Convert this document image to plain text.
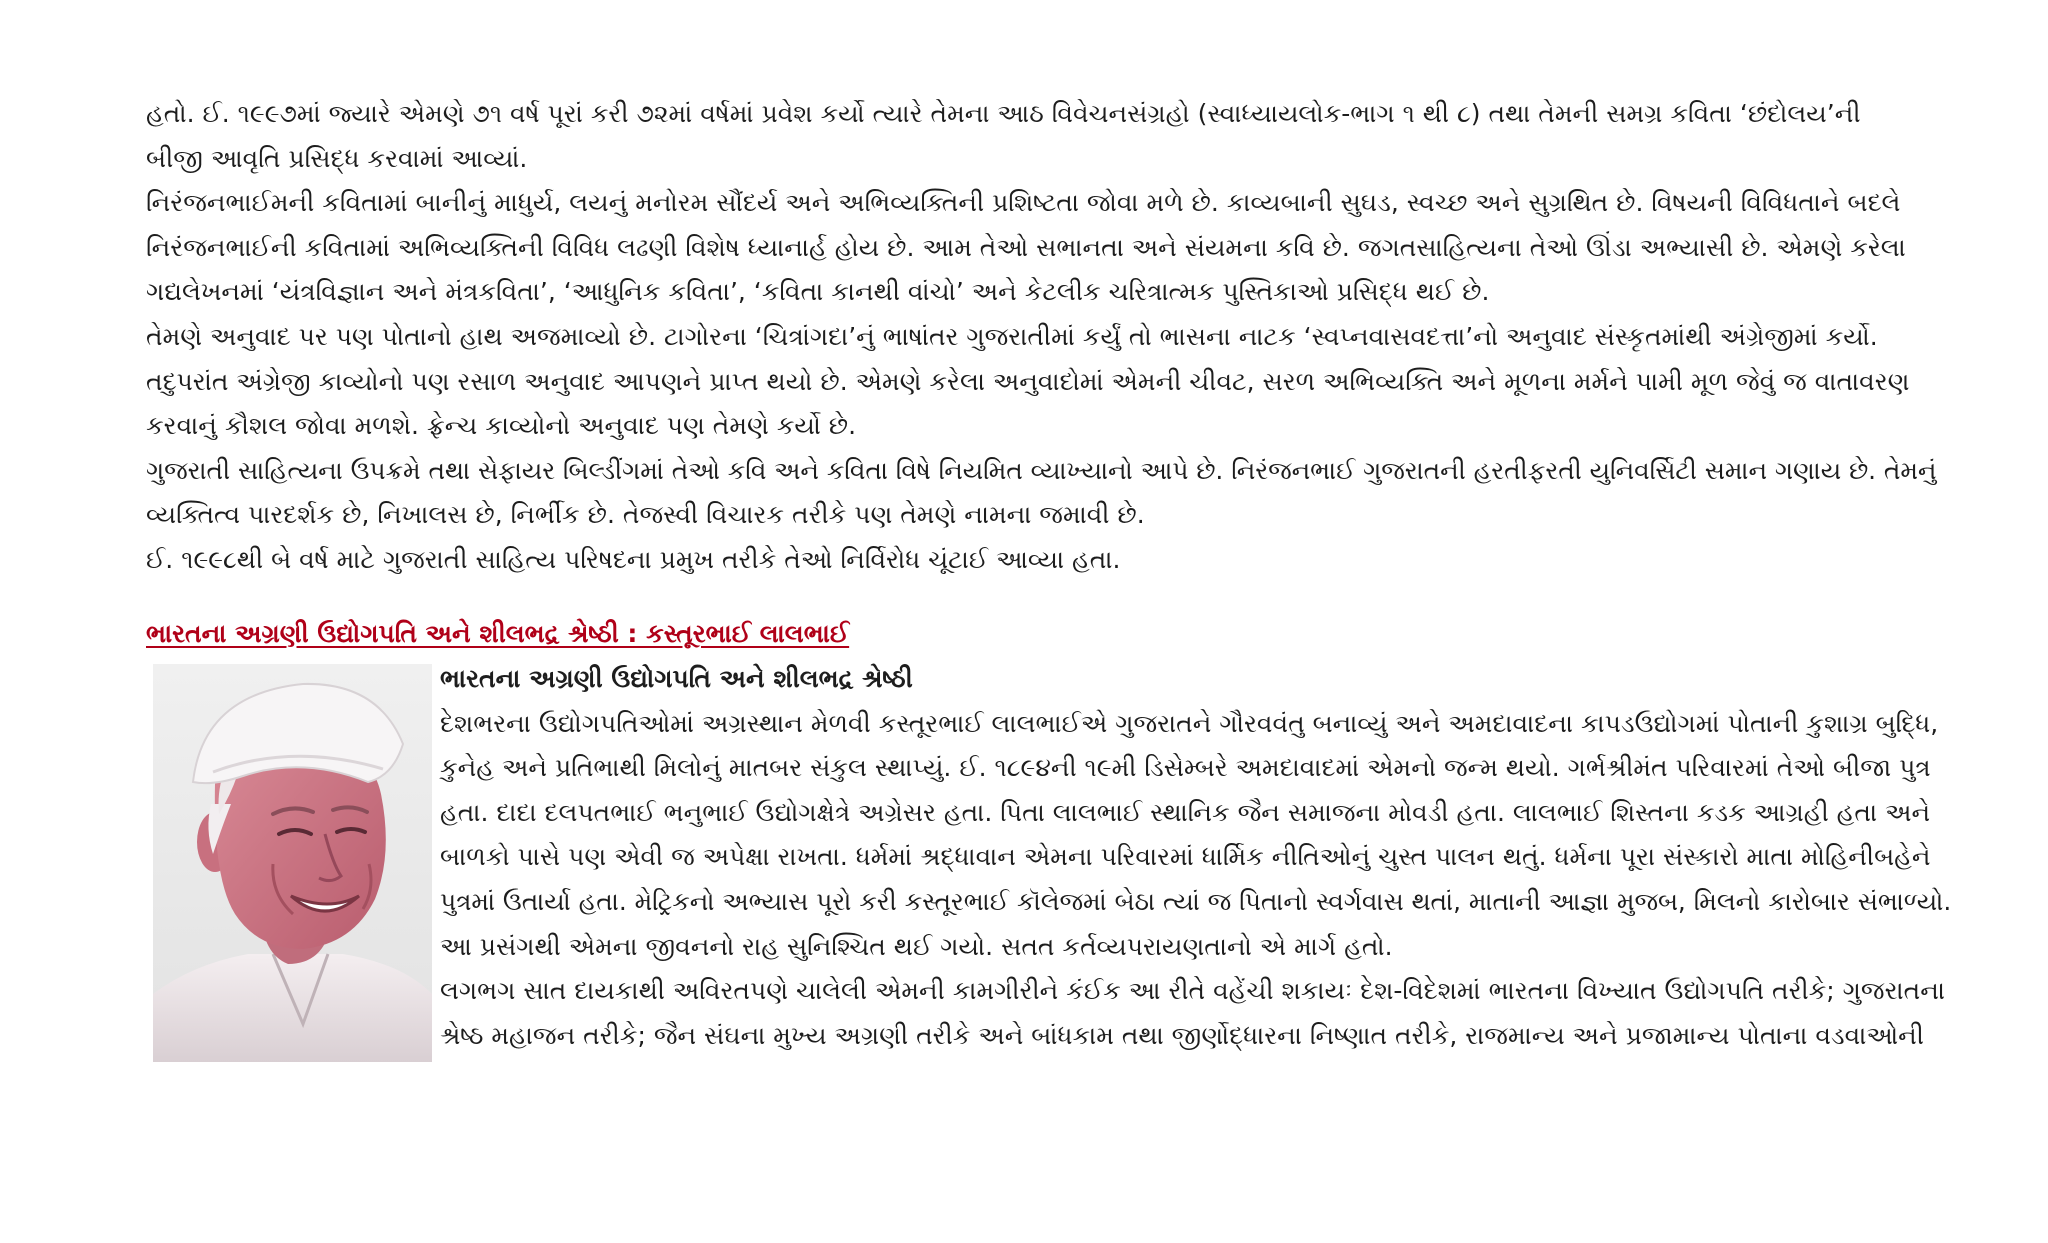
હતો. ઈ. ૧૯૯૭માં જ્યારે એમણે ૭૧ વર્ષ પૂરાં કરી ૭૨માં વર્ષમાં પ્રવેશ કર્યો ત્યારે તેમના આઠ વિવેચનસંગ્રહો (સ્વાધ્યાયલોક-ભાગ ૧ થી ૮) તથા તેમની સમગ્ર કવિતા ‘છંદોલય’ની

બીજી આવૃતિ પ્રસિદ્ધ કરવામાં આવ્યાં.

નિરંજનભાઈમની કવિતામાં બાનીનું માધુર્ય, લયનું મનોરમ સૌંદર્ય અને અભિવ્યક્તિની પ્રશિષ્ટતા જોવા મળે છે. કાવ્યબાની સુઘડ, સ્વચ્છ અને સુગ્રથિત છે. વિષયની વિવિધતાને બદલે

નિરંજનભાઈની કવિતામાં અભિવ્યક્તિની વિવિધ લઢણી વિશેષ ધ્યાનાર્હ હોય છે. આમ તેઓ સભાનતા અને સંયમના કવિ છે. જગતસાહિત્યના તેઓ ઊંડા અભ્યાસી છે. એમણે કરેલા

ગદ્યલેખનમાં ‘યંત્રવિજ્ઞાન અને મંત્રકવિતા’, ‘આધુનિક કવિતા’, ‘કવિતા કાનથી વાંચો’ અને કેટલીક ચરિત્રાત્મક પુસ્તિકાઓ પ્રસિદ્ધ થઈ છે.

તેમણે અનુવાદ પર પણ પોતાનો હાથ અજમાવ્યો છે. ટાગોરના ‘ચિત્રાંગદા’નું ભાષાંતર ગુજરાતીમાં કર્યું તો ભાસના નાટક ‘સ્વપ્નવાસવદત્તા’નો અનુવાદ સંસ્કૃતમાંથી અંગ્રેજીમાં કર્યો.

તદુપરાંત અંગ્રેજી કાવ્યોનો પણ રસાળ અનુવાદ આપણને પ્રાપ્ત થયો છે. એમણે કરેલા અનુવાદોમાં એમની ચીવટ, સરળ અભિવ્યક્તિ અને મૂળના મર્મને પામી મૂળ જેવું જ વાતાવરણ

કરવાનું કૌશલ જોવા મળશે. ફ્રેન્ચ કાવ્યોનો અનુવાદ પણ તેમણે કર્યો છે.

ગુજરાતી સાહિત્યના ઉપક્રમે તથા સેફાયર બિલ્ડીંગમાં તેઓ કવિ અને કવિતા વિષે નિયમિત વ્યાખ્યાનો આપે છે. નિરંજનભાઈ ગુજરાતની હરતીફરતી યુનિવર્સિટી સમાન ગણાય છે. તેમનું

વ્યક્તિત્વ પારદર્શક છે, નિખાલસ છે, નિર્ભીક છે. તેજસ્વી વિચારક તરીકે પણ તેમણે નામના જમાવી છે.

ઈ. ૧૯૯૮થી બે વર્ષ માટે ગુજરાતી સાહિત્ય પરિષદના પ્રમુખ તરીકે તેઓ નિર્વિરોધ ચૂંટાઈ આવ્યા હતા.

ભારતના અગ્રણી ઉદ્યોગપતિ અને શીલભદ્ર શ્રેષ્ઠી : કસ્તૂરભાઈ લાલભાઈ

ભારતના અગ્રણી ઉદ્યોગપતિ અને શીલભદ્ર શ્રેષ્ઠી

દેશભરના ઉદ્યોગપતિઓમાં અગ્રસ્થાન મેળવી કસ્તૂરભાઈ લાલભાઈએ ગુજરાતને ગૌરવવંતુ બનાવ્યું અને અમદાવાદના કાપડઉદ્યોગમાં પોતાની કુશાગ્ર બુદ્ધિ,

કુનેહ અને પ્રતિભાથી મિલોનું માતબર સંકુલ સ્થાપ્યું. ઈ. ૧૮૯૪ની ૧૯મી ડિસેમ્બરે અમદાવાદમાં એમનો જન્મ થયો. ગર્ભશ્રીમંત પરિવારમાં તેઓ બીજા પુત્ર

હતા. દાદા દલપતભાઈ ભનુભાઈ ઉદ્યોગક્ષેત્રે અગ્રેસર હતા. પિતા લાલભાઈ સ્થાનિક જૈન સમાજના મોવડી હતા. લાલભાઈ શિસ્તના કડક આગ્રહી હતા અને

બાળકો પાસે પણ એવી જ અપેક્ષા રાખતા. ધર્મમાં શ્રદ્ધાવાન એમના પરિવારમાં ધાર્મિક નીતિઓનું ચુસ્ત પાલન થતું. ધર્મના પૂરા સંસ્કારો માતા મોહિનીબહેને

પુત્રમાં ઉતાર્યા હતા. મેટ્રિકનો અભ્યાસ પૂરો કરી કસ્તૂરભાઈ કૉલેજમાં બેઠા ત્યાં જ પિતાનો સ્વર્ગવાસ થતાં, માતાની આજ્ઞા મુજબ, મિલનો કારોબાર સંભાળ્યો.

આ પ્રસંગથી એમના જીવનનો રાહ સુનિશ્ચિત થઈ ગયો. સતત કર્તવ્યપરાયણતાનો એ માર્ગ હતો.

લગભગ સાત દાયકાથી અવિરતપણે ચાલેલી એમની કામગીરીને કંઈક આ રીતે વહેંચી શકાયઃ દેશ-વિદેશમાં ભારતના વિખ્યાત ઉદ્યોગપતિ તરીકે; ગુજરાતના

શ્રેષ્ઠ મહાજન તરીકે; જૈન સંઘના મુખ્ય અગ્રણી તરીકે અને બાંધકામ તથા જીર્ણોદ્ધારના નિષ્ણાત તરીકે, રાજમાન્ય અને પ્રજામાન્ય પોતાના વડવાઓની
